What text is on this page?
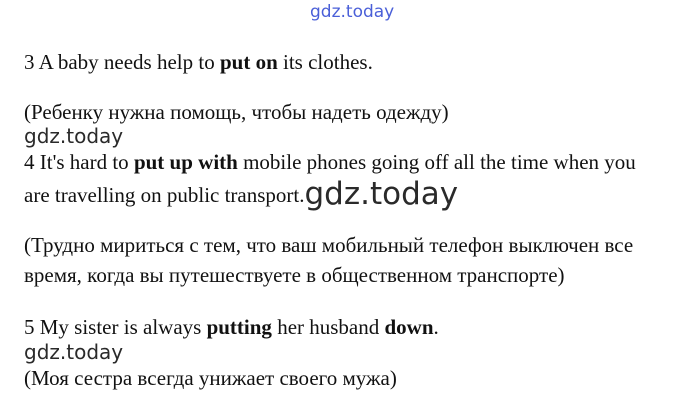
gdz.today
3 A baby needs help to put on its clothes.
(Ребенку нужна помощь, чтобы надеть одежду)
gdz.today
4 It's hard to put up with mobile phones going off all the time when you
are travelling on public transport.gdz.today
(Трудно мириться с тем, что ваш мобильный телефон выключен все
время, когда вы путешествуете в общественном транспорте)
5 My sister is always putting her husband down.
gdz.today
(Моя сестра всегда унижает своего мужа)
